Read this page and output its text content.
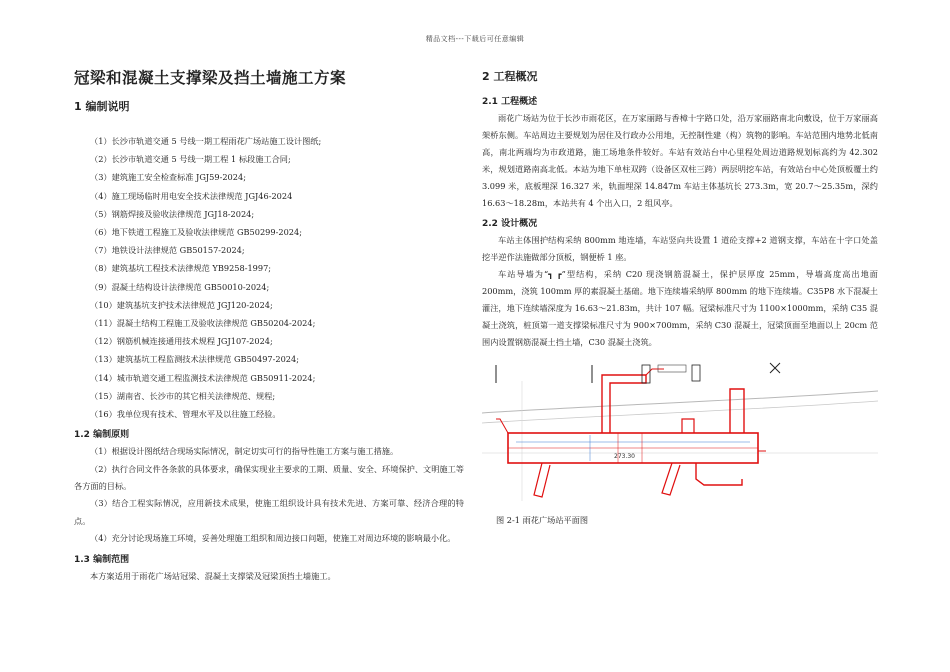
精品文档---下载后可任意编辑
冠梁和混凝土支撑梁及挡土墙施工方案
1 编制说明
（1）长沙市轨道交通 5 号线一期工程雨花广场站施工设计图纸;
（2）长沙市轨道交通 5 号线一期工程 1 标段施工合同;
（3）建筑施工安全检查标准 JGJ59-2024;
（4）施工现场临时用电安全技术法律规范 JGJ46-2024
（5）钢筋焊接及验收法律规范 JGJ18-2024;
（6）地下铁道工程施工及验收法律规范 GB50299-2024;
（7）地铁设计法律规范 GB50157-2024;
（8）建筑基坑工程技术法律规范 YB9258-1997;
（9）混凝土结构设计法律规范 GB50010-2024;
（10）建筑基坑支护技术法律规范 JGJ120-2024;
（11）混凝土结构工程施工及验收法律规范 GB50204-2024;
（12）钢筋机械连接通用技术规程 JGJ107-2024;
（13）建筑基坑工程监测技术法律规范 GB50497-2024;
（14）城市轨道交通工程监测技术法律规范 GB50911-2024;
（15）湖南省、长沙市的其它相关法律规范、规程;
（16）我单位现有技术、管理水平及以往施工经验。
1.2 编制原则

（1）根据设计图纸结合现场实际情况，制定切实可行的指导性施工方案与施工措施。

（2）执行合同文件各条款的具体要求，确保实现业主要求的工期、质量、安全、环境保护、文明施工等各方面的目标。

（3）结合工程实际情况，应用新技术成果，使施工组织设计具有技术先进、方案可靠、经济合理的特点。

（4）充分讨论现场施工环境，妥善处理施工组织和周边接口问题，使施工对周边环境的影响最小化。

1.3 编制范围

本方案适用于雨花广场站冠梁、混凝土支撑梁及冠梁顶挡土墙施工。

2 工程概况
2.1 工程概述

雨花广场站为位于长沙市雨花区，在万家丽路与香樟十字路口处，沿万家丽路南北向敷设，位于万家丽高架桥东侧。车站周边主要规划为居住及行政办公用地，无控制性建（构）筑物的影响。车站范围内地势北低南高，南北两端均为市政道路，施工场地条件较好。车站有效站台中心里程处周边道路规划标高约为 42.302 米，规划道路南高北低。本站为地下单柱双跨（设备区双柱三跨）两层明挖车站，有效站台中心处顶板覆土约 3.099 米，底板埋深 16.327 米，轨面埋深 14.847m 车站主体基坑长 273.3m，宽 20.7～25.35m，深约 16.63～18.28m，本站共有 4 个出入口，2 组风亭。

2.2 设计概况

车站主体围护结构采纳 800mm 地连墙，车站竖向共设置 1 道砼支撑+2 道钢支撑，车站在十字口处盖挖半逆作法施做部分顶板，钢便桥 1 座。

车站导墙为“┓ ┏”型结构，采纳 C20 现浇钢筋混凝土，保护层厚度 25mm，导墙高度高出地面 200mm，浇筑 100mm 厚的素混凝土基础。地下连续墙采纳厚 800mm 的地下连续墙。C35P8 水下混凝土灌注，地下连续墙深度为 16.63～21.83m，共计 107 幅。冠梁标准尺寸为 1100×1000mm，采纳 C35 混凝土浇筑，桩顶第一道支撑梁标准尺寸为 900×700mm，采纳 C30 混凝土，冠梁顶面至地面以上 20cm 范围内设置钢筋混凝土挡土墙，C30 混凝土浇筑。

273.30
图 2-1 雨花广场站平面图
